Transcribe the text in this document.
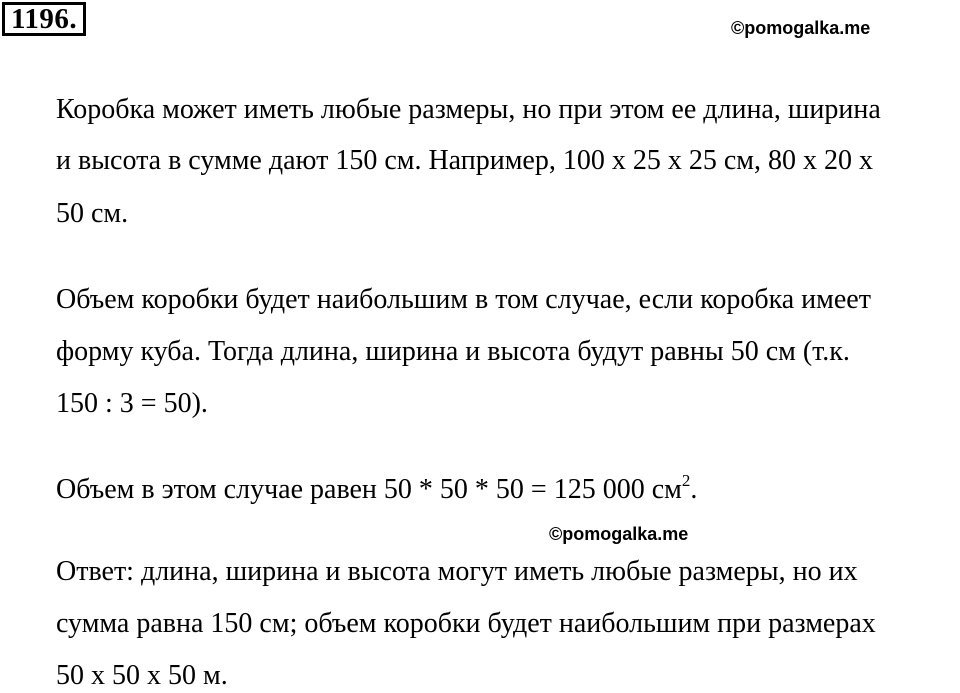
1196.	©pomogalka.me
Коробка может иметь любые размеры, но при этом ее длина, ширина
и высота в сумме дают 150 см. Например, 100 х 25 х 25 см, 80 х 20 х
50 см.
Объем коробки будет наибольшим в том случае, если коробка имеет
форму куба. Тогда длина, ширина и высота будут равны 50 см (т.к.
150 : 3 = 50).
Объем в этом случае равен 50 * 50 * 50 = 125 000 $см^2$.
©pomogalka.me
Ответ: длина, ширина и высота могут иметь любые размеры, но их
сумма равна 150 см; объем коробки будет наибольшим при размерах
50 х 50 х 50 м.
